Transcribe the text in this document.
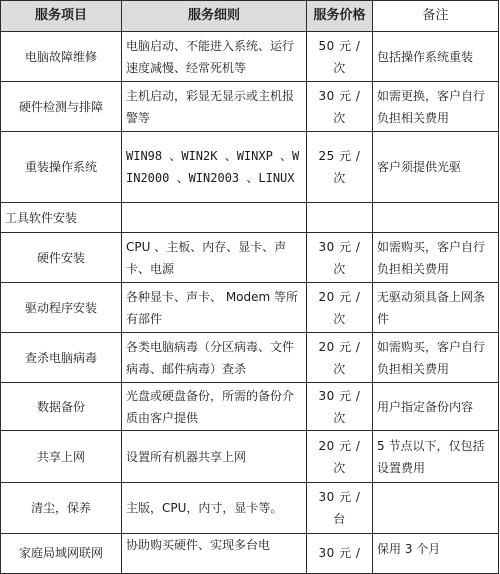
服务项目	服务细则	服务价格	备注
电脑故障维修	电脑启动、不能进入系统、运行速度减慢、经常死机等	50 元 / 次	包括操作系统重装
硬件检测与排障	主机启动，彩显无显示或主机报警等	30 元 / 次	如需更换，客户自行负担相关费用
重装操作系统	WIN98 、WIN2K 、WINXP 、WIN2000 、WIN2003 、LINUX	25 元 / 次	客户须提供光驱
工具软件安装			
硬件安装	CPU 、主板、内存、显卡、声卡、电源	30 元 / 次	如需购买，客户自行负担相关费用
驱动程序安装	各种显卡、声卡、 Modem 等所有部件	20 元 / 次	无驱动须具备上网条件
查杀电脑病毒	各类电脑病毒（分区病毒、文件病毒、邮件病毒）查杀	20 元 / 次	如需购买，客户自行负担相关费用
数据备份	光盘或硬盘备份，所需的备份介质由客户提供	30 元 / 次	用户指定备份内容
共享上网	设置所有机器共享上网	20 元 / 次	5 节点以下，仅包括设置费用
清尘，保养	主版，CPU，内寸，显卡等。	30 元 / 台	
家庭局域网联网	协助购买硬件、实现多台电	30 元 /	保用 3 个月
